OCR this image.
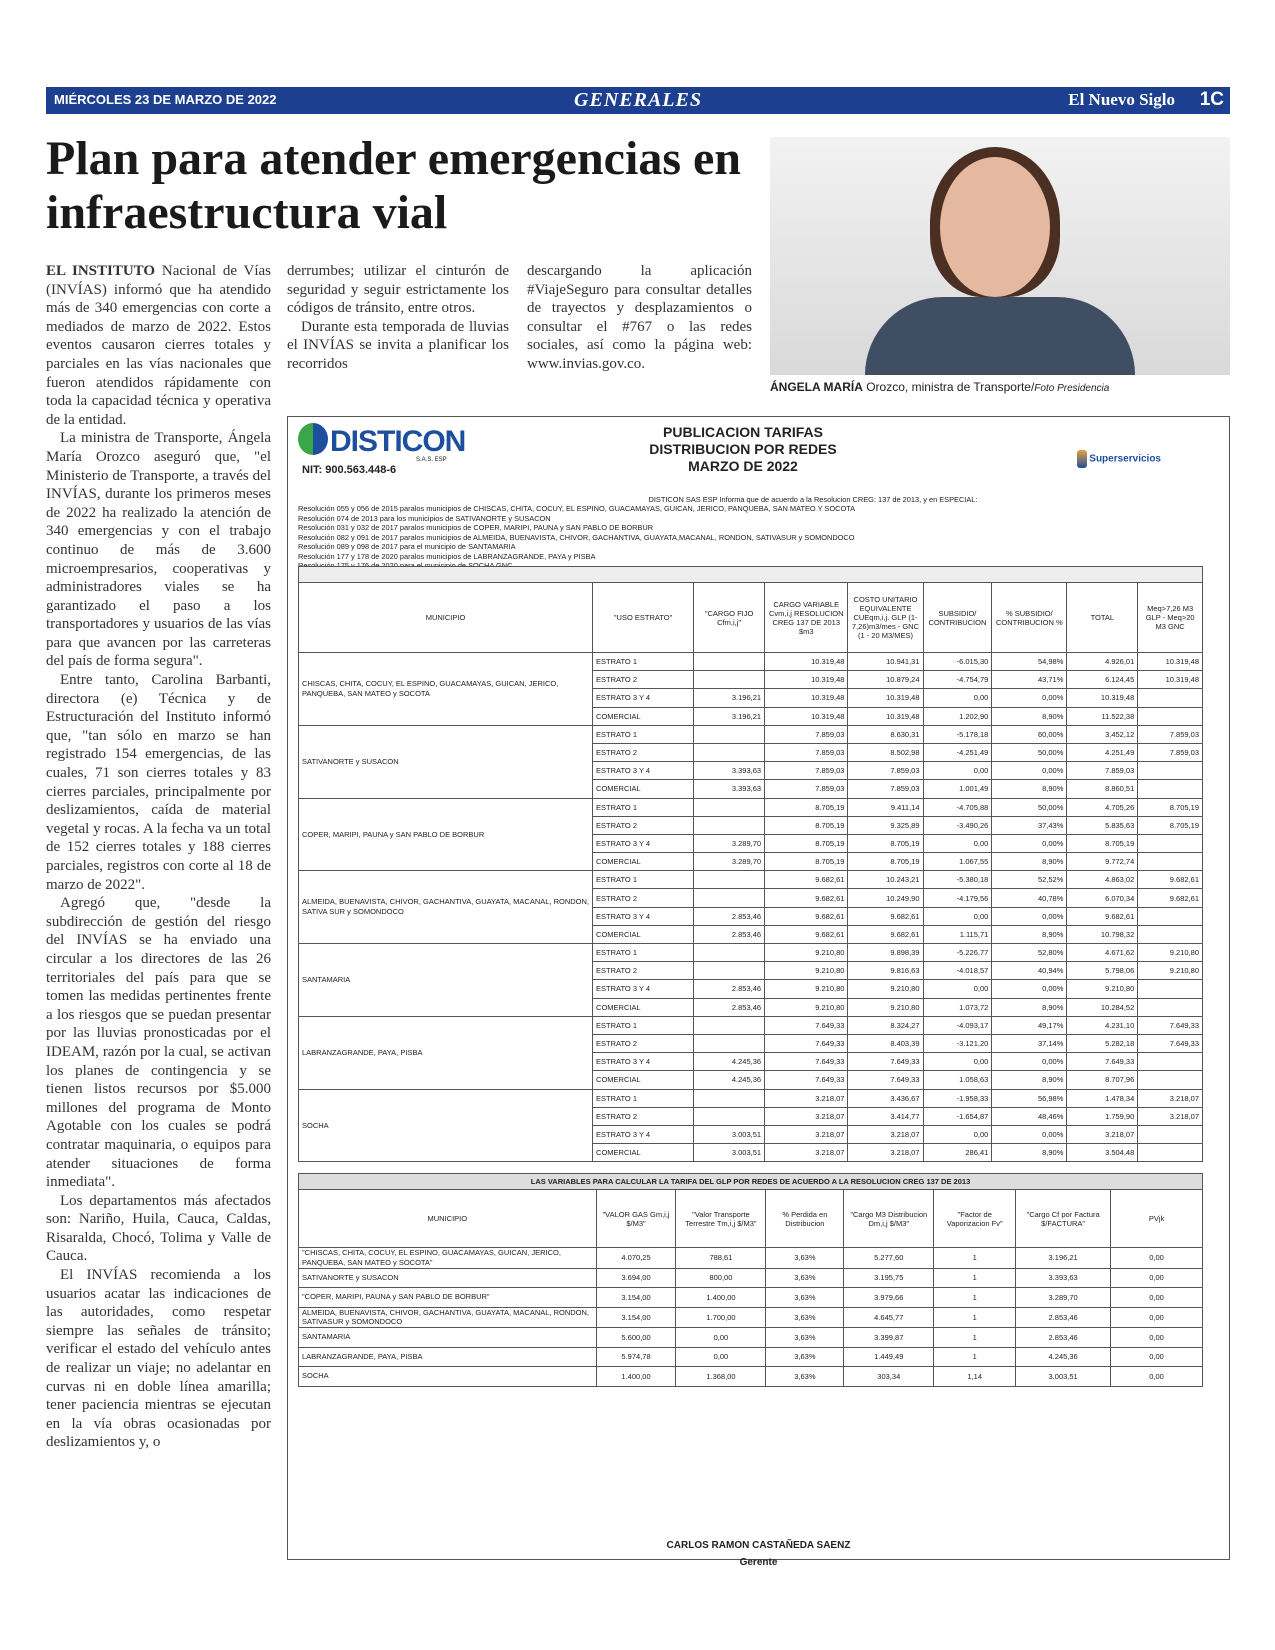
MIÉRCOLES 23 DE MARZO DE 2022	GENERALES	El Nuevo Siglo 1C
Plan para atender emergencias en infraestructura vial
ÁNGELA MARÍA Orozco, ministra de Transporte/Foto Presidencia

EL INSTITUTO Nacional de Vías (INVÍAS) informó que ha atendido más de 340 emergencias con corte a mediados de marzo de 2022. Estos eventos causaron cierres totales y parciales en las vías nacionales que fueron atendidos rápidamente con toda la capacidad técnica y operativa de la entidad.

La ministra de Transporte, Ángela María Orozco aseguró que, "el Ministerio de Transporte, a través del INVÍAS, durante los primeros meses de 2022 ha realizado la atención de 340 emergencias y con el trabajo continuo de más de 3.600 microempresarios, cooperativas y administradores viales se ha garantizado el paso a los transportadores y usuarios de las vías para que avancen por las carreteras del país de forma segura".

Entre tanto, Carolina Barbanti, directora (e) Técnica y de Estructuración del Instituto informó que, "tan sólo en marzo se han registrado 154 emergencias, de las cuales, 71 son cierres totales y 83 cierres parciales, principalmente por deslizamientos, caída de material vegetal y rocas. A la fecha va un total de 152 cierres totales y 188 cierres parciales, registros con corte al 18 de marzo de 2022".

Agregó que, "desde la subdirección de gestión del riesgo del INVÍAS se ha enviado una circular a los directores de las 26 territoriales del país para que se tomen las medidas pertinentes frente a los riesgos que se puedan presentar por las lluvias pronosticadas por el IDEAM, razón por la cual, se activan los planes de contingencia y se tienen listos recursos por $5.000 millones del programa de Monto Agotable con los cuales se podrá contratar maquinaria, o equipos para atender situaciones de forma inmediata".

Los departamentos más afectados son: Nariño, Huila, Cauca, Caldas, Risaralda, Chocó, Tolima y Valle de Cauca.

El INVÍAS recomienda a los usuarios acatar las indicaciones de las autoridades, como respetar siempre las señales de tránsito; verificar el estado del vehículo antes de realizar un viaje; no adelantar en curvas ni en doble línea amarilla; tener paciencia mientras se ejecutan en la vía obras ocasionadas por deslizamientos y, o

derrumbes; utilizar el cinturón de seguridad y seguir estrictamente los códigos de tránsito, entre otros.

Durante esta temporada de lluvias el INVÍAS se invita a planificar los recorridos

descargando la aplicación #ViajeSeguro para consultar detalles de trayectos y desplazamientos o consultar el #767 o las redes sociales, así como la página web: www.invias.gov.co.

DISTICON
S.A.S. ESP
NIT: 900.563.448-6
PUBLICACION TARIFAS
DISTRIBUCION POR REDES
MARZO DE 2022	Superservicios
DISTICON SAS ESP Informa que de acuerdo a la Resolucion CREG: 137 de 2013, y en ESPECIAL:
Resolución 055 y 056 de 2015 paralos municipios de CHISCAS, CHITA, COCUY, EL ESPINO, GUACAMAYAS, GUICAN, JERICO, PANQUEBA, SAN MATEO Y SOCOTA
Resolución 074 de 2013 para los municipios de SATIVANORTE y SUSACON
Resolución 031 y 032 de 2017 paralos municipios de COPER, MARIPI, PAUNA y SAN PABLO DE BORBUR
Resolución 082 y 091 de 2017 paralos municipios de ALMEIDA, BUENAVISTA, CHIVOR, GACHANTIVA, GUAYATA,MACANAL, RONDON, SATIVASUR y SOMONDOCO
Resolución 089 y 098 de 2017 para el municipio de SANTAMARIA
Resolución 177 y 178 de 2020 paralos municipios de LABRANZAGRANDE, PAYA y PISBA

MUNICIPIO	"USO ESTRATO"	"CARGO FIJO Cfm,i,j"	CARGO VARIABLE Cvm,i,j RESOLUCION CREG 137 DE 2013 $m3	COSTO UNITARIO EQUIVALENTE CUEqm,i,j. GLP (1-7,26)m3/mes - GNC (1 - 20 M3/MES)	SUBSIDIO/ CONTRIBUCION	% SUBSIDIO/ CONTRIBUCION %	TOTAL	Meq>7,26 M3 GLP - Meq>20 M3 GNC
CHISCAS, CHITA, COCUY, EL ESPINO, GUACAMAYAS, GUICAN, JERICO, PANQUEBA, SAN MATEO y SOCOTA	ESTRATO 1		10.319,48	10.941,31	-6.015,30	54,98%	4.926,01	10.319,48
	ESTRATO 2		10.319,48	10.879,24	-4.754,79	43,71%	6.124,45	10.319,48
	ESTRATO 3 Y 4	3.196,21	10.319,48	10.319,48	0,00	0,00%	10.319,48	
	COMERCIAL	3.196,21	10.319,48	10.319,48	1.202,90	8,90%	11.522,38	
SATIVANORTE y SUSACON	ESTRATO 1		7.859,03	8.630,31	-5.178,18	60,00%	3.452,12	7.859,03
	ESTRATO 2		7.859,03	8.502,98	-4.251,49	50,00%	4.251,49	7.859,03
	ESTRATO 3 Y 4	3.393,63	7.859,03	7.859,03	0,00	0,00%	7.859,03	
	COMERCIAL	3.393,63	7.859,03	7.859,03	1.001,49	8,90%	8.860,51	
COPER, MARIPI, PAUNA y SAN PABLO DE BORBUR	ESTRATO 1		8.705,19	9.411,14	-4.705,88	50,00%	4.705,26	8.705,19
	ESTRATO 2		8.705,19	9.325,89	-3.490,26	37,43%	5.835,63	8.705,19
	ESTRATO 3 Y 4	3.289,70	8.705,19	8.705,19	0,00	0,00%	8.705,19	
	COMERCIAL	3.289,70	8.705,19	8.705,19	1.067,55	8,90%	9.772,74	
ALMEIDA, BUENAVISTA, CHIVOR, GACHANTIVA, GUAYATA, MACANAL, RONDON, SATIVA SUR y SOMONDOCO	ESTRATO 1		9.682,61	10.243,21	-5.380,18	52,52%	4.863,02	9.682,61
	ESTRATO 2		9.682,61	10.249,90	-4.179,56	40,78%	6.070,34	9.682,61
	ESTRATO 3 Y 4	2.853,46	9.682,61	9.682,61	0,00	0,00%	9.682,61	
	COMERCIAL	2.853,46	9.682,61	9.682,61	1.115,71	8,90%	10.798,32	
SANTAMARIA	ESTRATO 1		9.210,80	9.898,39	-5.226,77	52,80%	4.671,62	9.210,80
	ESTRATO 2		9.210,80	9.816,63	-4.018,57	40,94%	5.798,06	9.210,80
	ESTRATO 3 Y 4	2.853,46	9.210,80	9.210,80	0,00	0,00%	9.210,80	
	COMERCIAL	2.853,46	9.210,80	9.210,80	1.073,72	8,90%	10.284,52	
LABRANZAGRANDE, PAYA, PISBA	ESTRATO 1		7.649,33	8.324,27	-4.093,17	49,17%	4.231,10	7.649,33
	ESTRATO 2		7.649,33	8.403,39	-3.121,20	37,14%	5.282,18	7.649,33
	ESTRATO 3 Y 4	4.245,36	7.649,33	7.649,33	0,00	0,00%	7.649,33	
	COMERCIAL	4.245,36	7.649,33	7.649,33	1.058,63	8,90%	8.707,96	
SOCHA	ESTRATO 1		3.218,07	3.436,67	-1.958,33	56,98%	1.478,34	3.218,07
	ESTRATO 2		3.218,07	3.414,77	-1.654,87	48,46%	1.759,90	3.218,07
	ESTRATO 3 Y 4	3.003,51	3.218,07	3.218,07	0,00	0,00%	3.218,07	
	COMERCIAL	3.003,51	3.218,07	3.218,07	286,41	8,90%	3.504,48	
LAS VARIABLES PARA CALCULAR LA TARIFA DEL GLP POR REDES DE ACUERDO A LA RESOLUCION CREG 137 DE 2013							
MUNICIPIO	"VALOR GAS Gm,i,j $/M3"	"Valor Transporte Terrestre Tm,i,j $/M3"	% Perdida en Distribucion	"Cargo M3 Distribucion Dm,i,j $/M3"	"Factor de Vaporizacion Fv"	"Cargo Cf por Factura $/FACTURA"	PVjk
"CHISCAS, CHITA, COCUY, EL ESPINO, GUACAMAYAS, GUICAN, JERICO, PANQUEBA, SAN MATEO y SOCOTA"	4.070,25	788,61	3,63%	5.277,60	1	3.196,21	0,00
SATIVANORTE y SUSACON	3.694,00	800,00	3,63%	3.195,75	1	3.393,63	0,00
"COPER, MARIPI, PAUNA y SAN PABLO DE BORBUR"	3.154,00	1.400,00	3,63%	3.979,66	1	3.289,70	0,00
ALMEIDA, BUENAVISTA, CHIVOR, GACHANTIVA, GUAYATA, MACANAL, RONDON, SATIVASUR y SOMONDOCO	3.154,00	1.700,00	3,63%	4.645,77	1	2.853,46	0,00
SANTAMARIA	5.600,00	0,00	3,63%	3.399,87	1	2.853,46	0,00
LABRANZAGRANDE, PAYA, PISBA	5.974,78	0,00	3,63%	1.449,49	1	4.245,36	0,00
SOCHA	1.400,00	1.368,00	3,63%	303,34	1,14	3.003,51	0,00
CARLOS RAMON CASTAÑEDA SAENZ
Gerente
